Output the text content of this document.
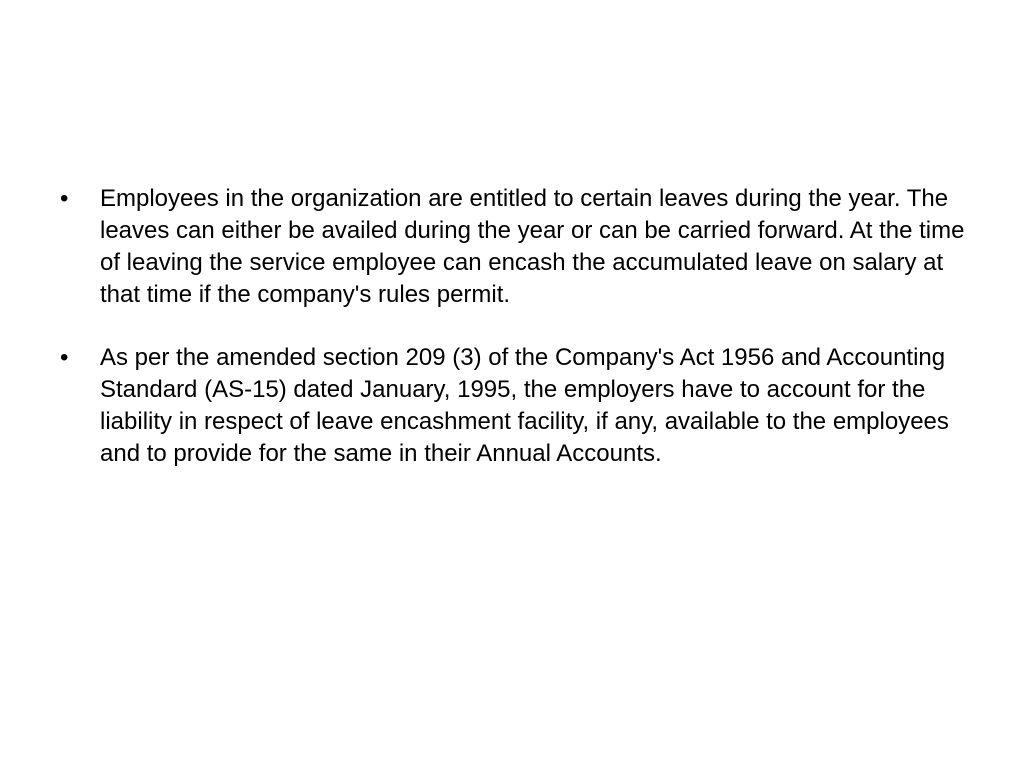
• Employees in the organization are entitled to certain leaves during the year. The leaves can either be availed during the year or can be carried forward. At the time of leaving the service employee can encash the accumulated leave on salary at that time if the company's rules permit.
• As per the amended section 209 (3) of the Company's Act 1956 and Accounting Standard (AS-15) dated January, 1995, the employers have to account for the liability in respect of leave encashment facility, if any, available to the employees and to provide for the same in their Annual Accounts.
